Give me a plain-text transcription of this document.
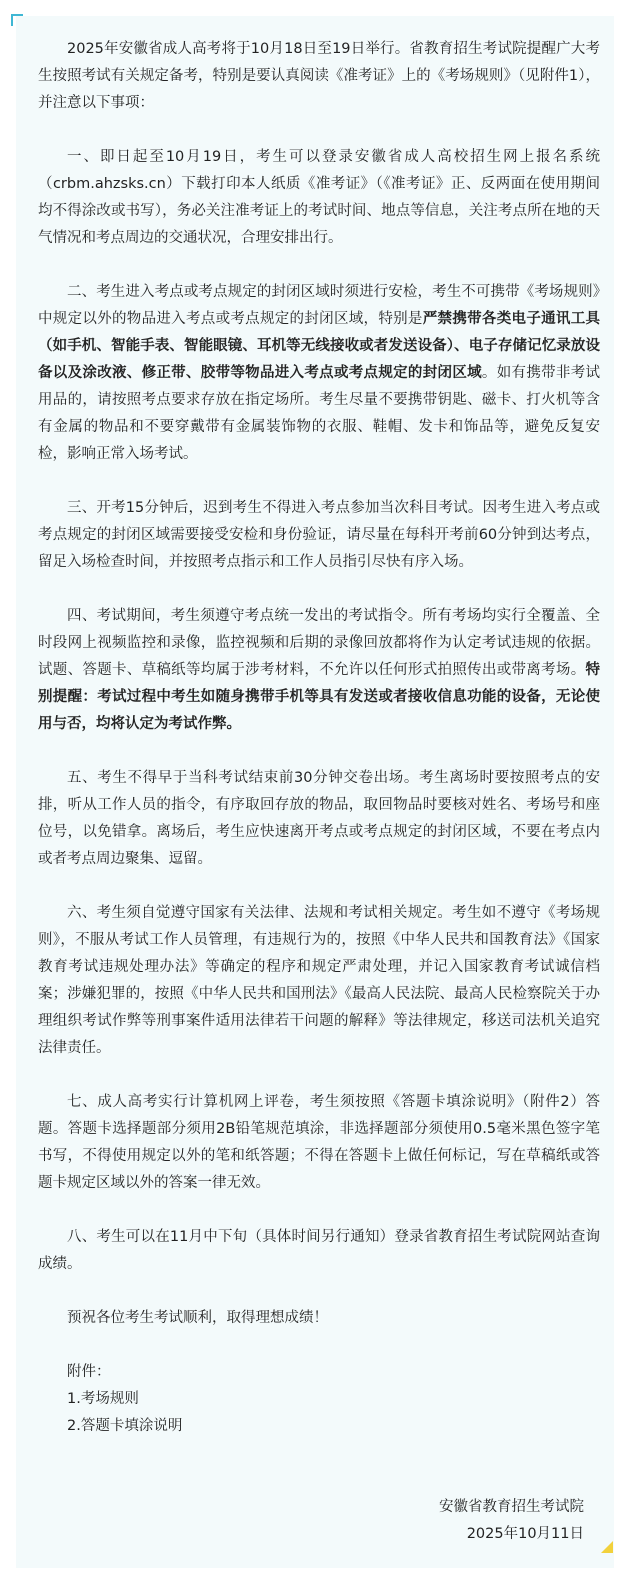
2025年安徽省成人高考将于10月18日至19日举行。省教育招生考试院提醒广大考生按照考试有关规定备考，特别是要认真阅读《准考证》上的《考场规则》（见附件1），并注意以下事项：

一、即日起至10月19日，考生可以登录安徽省成人高校招生网上报名系统（crbm.ahzsks.cn）下载打印本人纸质《准考证》（《准考证》正、反两面在使用期间均不得涂改或书写），务必关注准考证上的考试时间、地点等信息，关注考点所在地的天气情况和考点周边的交通状况，合理安排出行。

二、考生进入考点或考点规定的封闭区域时须进行安检，考生不可携带《考场规则》中规定以外的物品进入考点或考点规定的封闭区域，特别是严禁携带各类电子通讯工具（如手机、智能手表、智能眼镜、耳机等无线接收或者发送设备）、电子存储记忆录放设备以及涂改液、修正带、胶带等物品进入考点或考点规定的封闭区域。如有携带非考试用品的，请按照考点要求存放在指定场所。考生尽量不要携带钥匙、磁卡、打火机等含有金属的物品和不要穿戴带有金属装饰物的衣服、鞋帽、发卡和饰品等，避免反复安检，影响正常入场考试。

三、开考15分钟后，迟到考生不得进入考点参加当次科目考试。因考生进入考点或考点规定的封闭区域需要接受安检和身份验证，请尽量在每科开考前60分钟到达考点，留足入场检查时间，并按照考点指示和工作人员指引尽快有序入场。

四、考试期间，考生须遵守考点统一发出的考试指令。所有考场均实行全覆盖、全时段网上视频监控和录像，监控视频和后期的录像回放都将作为认定考试违规的依据。试题、答题卡、草稿纸等均属于涉考材料，不允许以任何形式拍照传出或带离考场。特别提醒：考试过程中考生如随身携带手机等具有发送或者接收信息功能的设备，无论使用与否，均将认定为考试作弊。

五、考生不得早于当科考试结束前30分钟交卷出场。考生离场时要按照考点的安排，听从工作人员的指令，有序取回存放的物品，取回物品时要核对姓名、考场号和座位号，以免错拿。离场后，考生应快速离开考点或考点规定的封闭区域，不要在考点内或者考点周边聚集、逗留。

六、考生须自觉遵守国家有关法律、法规和考试相关规定。考生如不遵守《考场规则》，不服从考试工作人员管理，有违规行为的，按照《中华人民共和国教育法》《国家教育考试违规处理办法》等确定的程序和规定严肃处理，并记入国家教育考试诚信档案；涉嫌犯罪的，按照《中华人民共和国刑法》《最高人民法院、最高人民检察院关于办理组织考试作弊等刑事案件适用法律若干问题的解释》等法律规定，移送司法机关追究法律责任。

七、成人高考实行计算机网上评卷，考生须按照《答题卡填涂说明》（附件2）答题。答题卡选择题部分须用2B铅笔规范填涂，非选择题部分须使用0.5毫米黑色签字笔书写，不得使用规定以外的笔和纸答题；不得在答题卡上做任何标记，写在草稿纸或答题卡规定区域以外的答案一律无效。

八、考生可以在11月中下旬（具体时间另行通知）登录省教育招生考试院网站查询成绩。

预祝各位考生考试顺利，取得理想成绩！

附件：

1.考场规则

2.答题卡填涂说明

安徽省教育招生考试院

2025年10月11日
